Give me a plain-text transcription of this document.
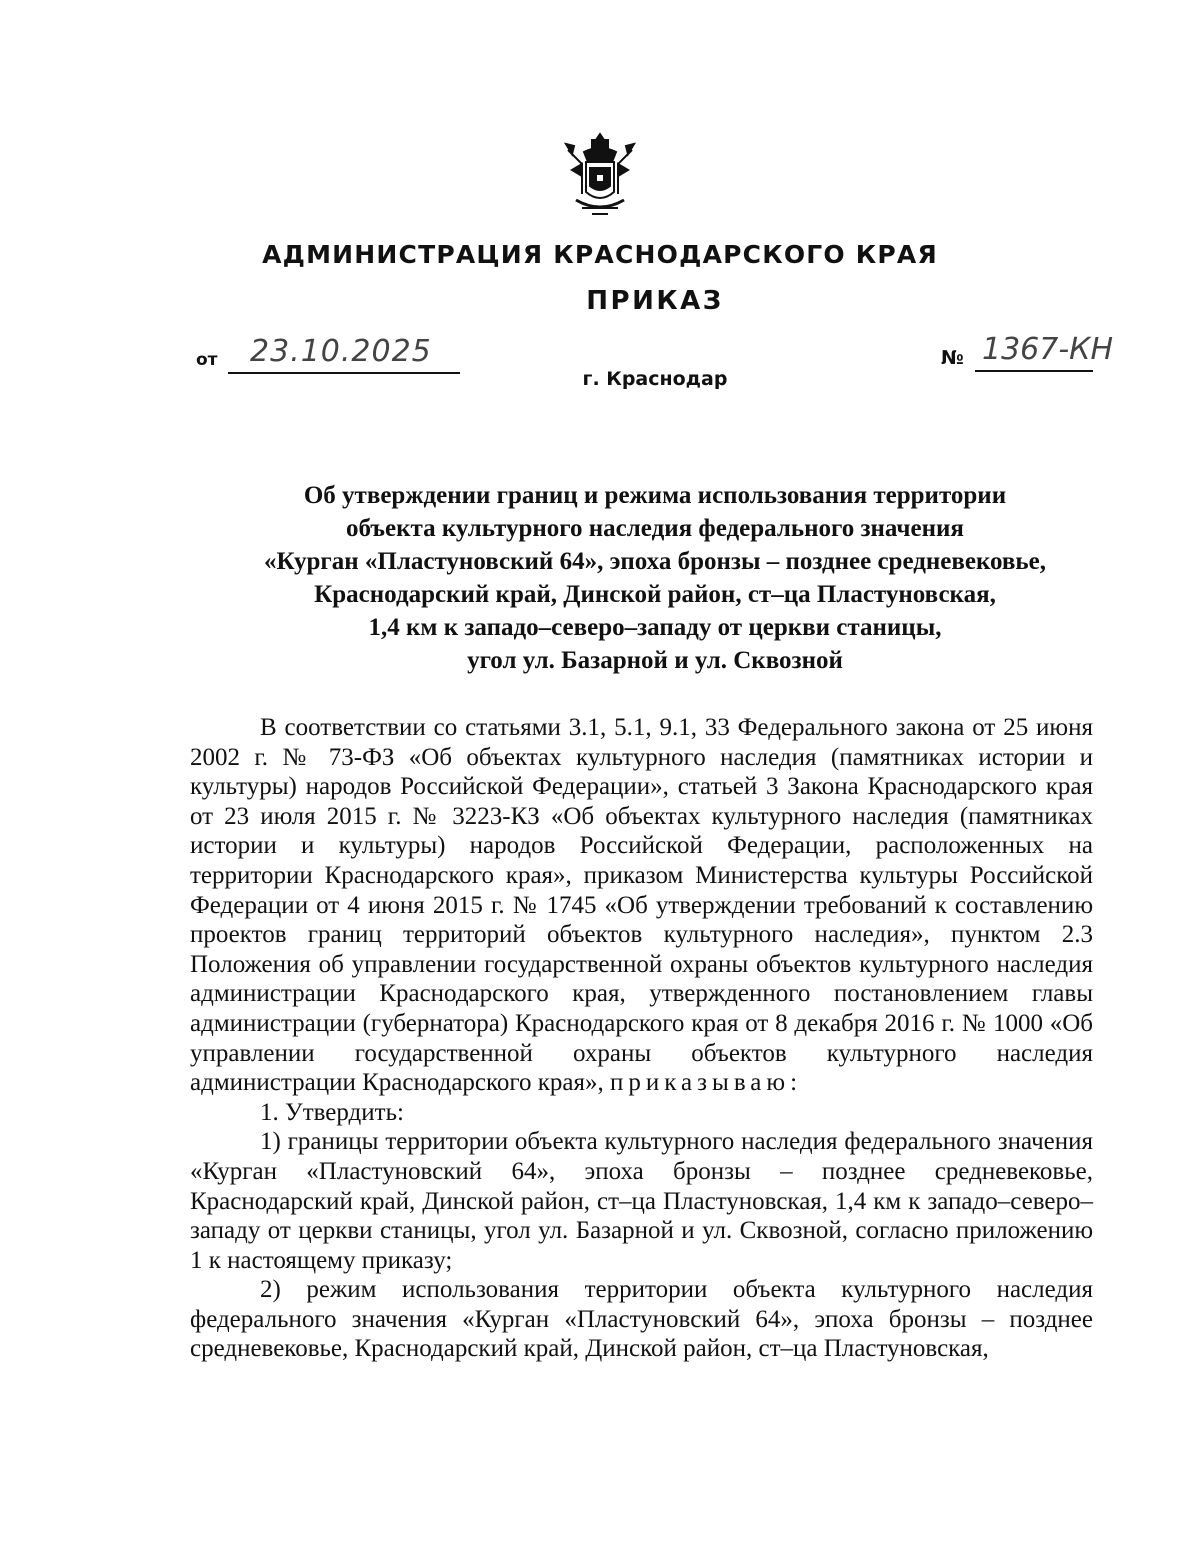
АДМИНИСТРАЦИЯ КРАСНОДАРСКОГО КРАЯ
ПРИКАЗ
от 23.10.2025
г. Краснодар
№ 1367-КН
Об утверждении границ и режима использования территории
объекта культурного наследия федерального значения
«Курган «Пластуновский 64», эпоха бронзы – позднее средневековье,
Краснодарский край, Динской район, ст–ца Пластуновская,
1,4 км к западо–северо–западу от церкви станицы,
угол ул. Базарной и ул. Сквозной

В соответствии со статьями 3.1, 5.1, 9.1, 33 Федерального закона от 25 июня 2002 г. № 73-ФЗ «Об объектах культурного наследия (памятниках истории и культуры) народов Российской Федерации», статьей 3 Закона Краснодарского края от 23 июля 2015 г. № 3223-КЗ «Об объектах культурного наследия (памятниках истории и культуры) народов Российской Федерации, расположенных на территории Краснодарского края», приказом Министерства культуры Российской Федерации от 4 июня 2015 г. № 1745 «Об утверждении требований к составлению проектов границ территорий объектов культурного наследия», пунктом 2.3 Положения об управлении государственной охраны объектов культурного наследия администрации Краснодарского края, утвержденного постановлением главы администрации (губернатора) Краснодарского края от 8 декабря 2016 г. № 1000 «Об управлении государственной охраны объектов культурного наследия администрации Краснодарского края», приказываю:

1. Утвердить:

1) границы территории объекта культурного наследия федерального значения «Курган «Пластуновский 64», эпоха бронзы – позднее средневековье, Краснодарский край, Динской район, ст–ца Пластуновская, 1,4 км к западо–северо–западу от церкви станицы, угол ул. Базарной и ул. Сквозной, согласно приложению 1 к настоящему приказу;

2) режим использования территории объекта культурного наследия федерального значения «Курган «Пластуновский 64», эпоха бронзы – позднее средневековье, Краснодарский край, Динской район, ст–ца Пластуновская,
